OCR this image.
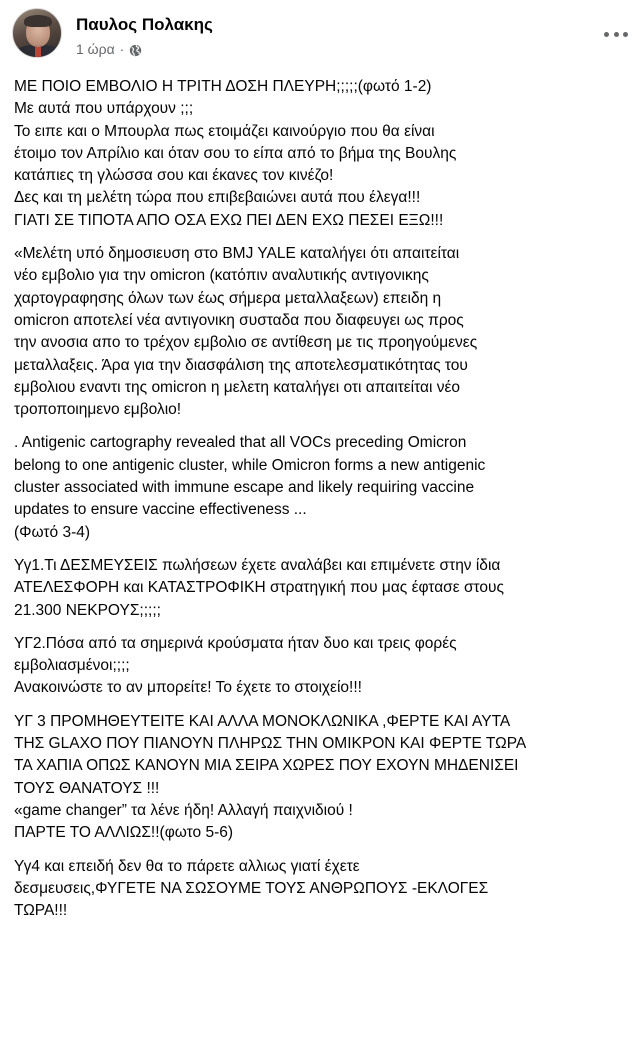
Παυλος Πολακης
1 ώρα ·
ΜΕ ΠΟΙΟ ΕΜΒΟΛΙΟ Η ΤΡΙΤΗ ΔΟΣΗ ΠΛΕΥΡΗ;;;;;(φωτό 1-2)
Με αυτά που υπάρχουν ;;;
Το ειπε και ο Μπουρλα πως ετοιμάζει καινούργιο που θα είναι
έτοιμο τον Απρίλιο και όταν σου το είπα από το βήμα της Βουλης
κατάπιες τη γλώσσα σου και έκανες τον κινέζο!
Δες και τη μελέτη τώρα που επιβεβαιώνει αυτά που έλεγα!!!
ΓΙΑΤΙ ΣΕ ΤΙΠΟΤΑ ΑΠΟ ΟΣΑ ΕΧΩ ΠΕΙ ΔΕΝ ΕΧΩ ΠΕΣΕΙ ΕΞΩ!!!
«Μελέτη υπό δημοσιευση στο BMJ YALE καταλήγει ότι απαιτείται
νέο εμβολιο για την omicron (κατόπιν αναλυτικής αντιγονικης
χαρτογραφησης όλων των έως σήμερα μεταλλαξεων) επειδη η
omicron αποτελεί νέα αντιγονικη συσταδα που διαφευγει ως προς
την ανοσια απο το τρέχον εμβολιο σε αντίθεση με τις προηγούμενες
μεταλλαξεις. Άρα για την διασφάλιση της αποτελεσματικότητας του
εμβολιου εναντι της omicron η μελετη καταλήγει οτι απαιτείται νέο
τροποποιημενο εμβολιο!
. Antigenic cartography revealed that all VOCs preceding Omicron
belong to one antigenic cluster, while Omicron forms a new antigenic
cluster associated with immune escape and likely requiring vaccine
updates to ensure vaccine effectiveness ...
(Φωτό 3-4)
Υγ1.Τι ΔΕΣΜΕΥΣΕΙΣ πωλήσεων έχετε αναλάβει και επιμένετε στην ίδια
ΑΤΕΛΕΣΦΟΡΗ και ΚΑΤΑΣΤΡΟΦΙΚΗ στρατηγική που μας έφτασε στους
21.300 ΝΕΚΡΟΥΣ;;;;;
ΥΓ2.Πόσα από τα σημερινά κρούσματα ήταν δυο και τρεις φορές
εμβολιασμένοι;;;;
Ανακοινώστε το αν μπορείτε! Το έχετε το στοιχείο!!!
ΥΓ 3 ΠΡΟΜΗΘΕΥΤΕΙΤΕ ΚΑΙ ΑΛΛΑ ΜΟΝΟΚΛΩΝΙΚΑ ,ΦΕΡΤΕ ΚΑΙ ΑΥΤΑ
ΤΗΣ GLAXO ΠΟΥ ΠΙΑΝΟΥΝ ΠΛΗΡΩΣ ΤΗΝ ΟΜΙΚΡΟΝ ΚΑΙ ΦΕΡΤΕ ΤΩΡΑ
ΤΑ ΧΑΠΙΑ ΟΠΩΣ ΚΑΝΟΥΝ ΜΙΑ ΣΕΙΡΑ ΧΩΡΕΣ ΠΟΥ ΕΧΟΥΝ ΜΗΔΕΝΙΣΕΙ
ΤΟΥΣ ΘΑΝΑΤΟΥΣ !!!
«game changer” τα λένε ήδη! Αλλαγή παιχνιδιού !
ΠΑΡΤΕ ΤΟ ΑΛΛΙΩΣ!!(φωτο 5-6)
Υγ4 και επειδή δεν θα το πάρετε αλλιως γιατί έχετε
δεσμευσεις,ΦΥΓΕΤΕ ΝΑ ΣΩΣΟΥΜΕ ΤΟΥΣ ΑΝΘΡΩΠΟΥΣ -ΕΚΛΟΓΕΣ
ΤΩΡΑ!!!
